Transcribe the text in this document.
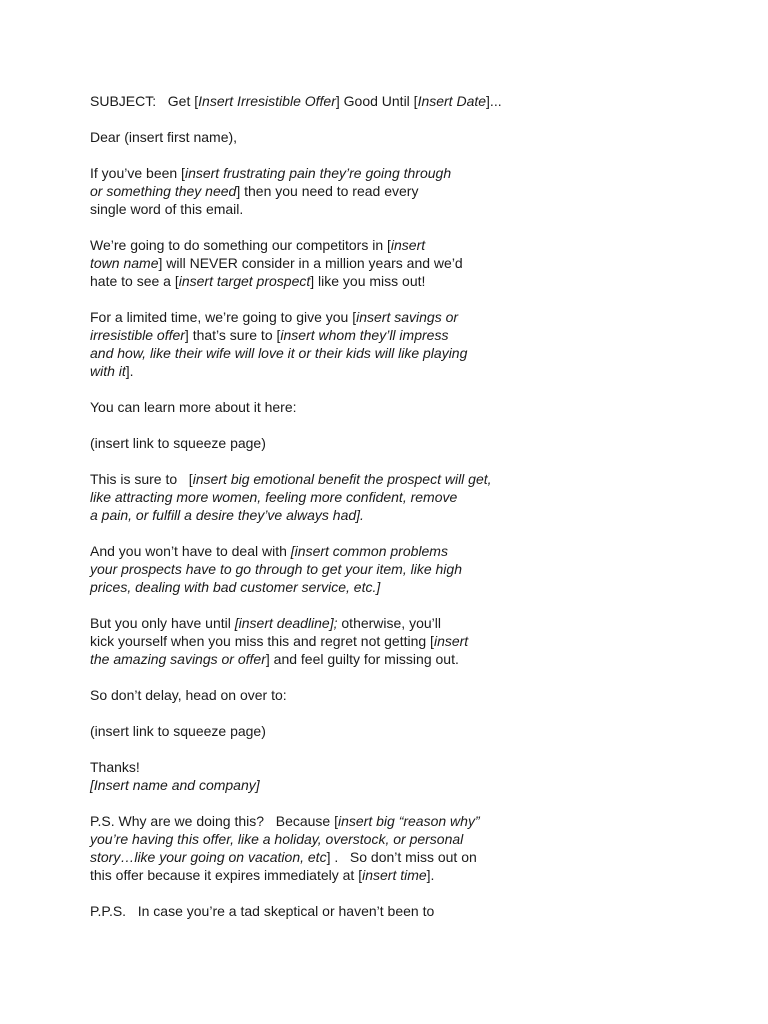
SUBJECT: Get [Insert Irresistible Offer] Good Until [Insert Date]...

Dear (insert first name),

If you’ve been [insert frustrating pain they’re going through
or something they need] then you need to read every
single word of this email.

We’re going to do something our competitors in [insert
town name] will NEVER consider in a million years and we’d
hate to see a [insert target prospect] like you miss out!

For a limited time, we’re going to give you [insert savings or
irresistible offer] that’s sure to [insert whom they’ll impress
and how, like their wife will love it or their kids will like playing
with it].

You can learn more about it here:

(insert link to squeeze page)

This is sure to   [insert big emotional benefit the prospect will get,
like attracting more women, feeling more confident, remove
a pain, or fulfill a desire they’ve always had].

And you won’t have to deal with [insert common problems
your prospects have to go through to get your item, like high
prices, dealing with bad customer service, etc.]

But you only have until [insert deadline]; otherwise, you’ll
kick yourself when you miss this and regret not getting [insert
the amazing savings or offer] and feel guilty for missing out.

So don’t delay, head on over to:

(insert link to squeeze page)

Thanks!
[Insert name and company]

P.S. Why are we doing this?   Because [insert big “reason why”
you’re having this offer, like a holiday, overstock, or personal
story…like your going on vacation, etc] .   So don’t miss out on
this offer because it expires immediately at [insert time].

P.P.S.   In case you’re a tad skeptical or haven’t been to
